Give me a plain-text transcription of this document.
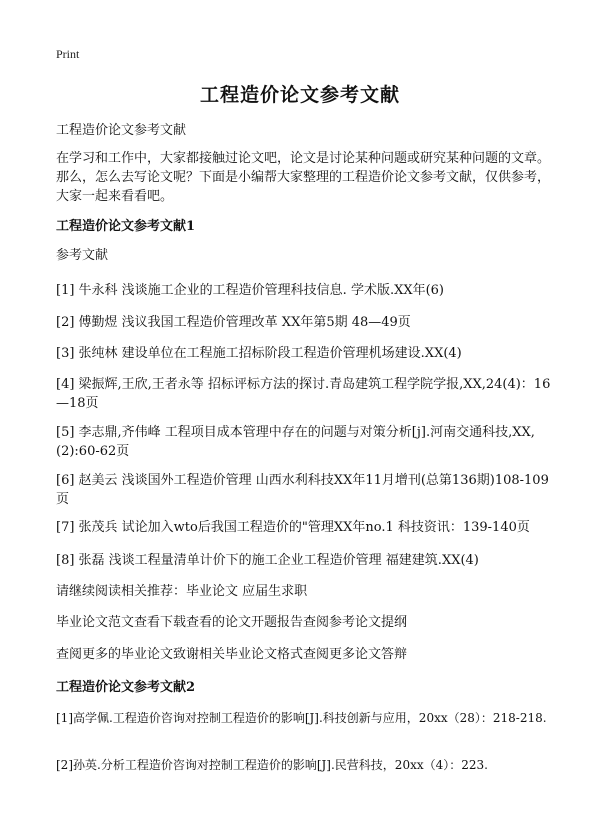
Print
工程造价论文参考文献
工程造价论文参考文献
在学习和工作中，大家都接触过论文吧，论文是讨论某种问题或研究某种问题的文章。那么，怎么去写论文呢？下面是小编帮大家整理的工程造价论文参考文献，仅供参考，大家一起来看看吧。
工程造价论文参考文献1
参考文献
[1] 牛永科 浅谈施工企业的工程造价管理科技信息. 学术版.XX年(6)
[2] 傅勤煜 浅议我国工程造价管理改革 XX年第5期 48—49页
[3] 张纯林 建设单位在工程施工招标阶段工程造价管理机场建设.XX(4)
[4] 梁振辉,王欣,王者永等 招标评标方法的探讨.青岛建筑工程学院学报,XX,24(4)：16—18页
[5] 李志鼎,齐伟峰 工程项目成本管理中存在的问题与对策分析[j].河南交通科技,XX,(2):60-62页
[6] 赵美云 浅谈国外工程造价管理 山西水利科技XX年11月增刊(总第136期)108-109页
[7] 张茂兵 试论加入wto后我国工程造价的"管理XX年no.1 科技资讯：139-140页
[8] 张磊 浅谈工程量清单计价下的施工企业工程造价管理 福建建筑.XX(4)
请继续阅读相关推荐：毕业论文 应届生求职
毕业论文范文查看下载查看的论文开题报告查阅参考论文提纲
查阅更多的毕业论文致谢相关毕业论文格式查阅更多论文答辩
工程造价论文参考文献2
[1]高学佩.工程造价咨询对控制工程造价的影响[J].科技创新与应用，20xx（28）：218-218.
[2]孙英.分析工程造价咨询对控制工程造价的影响[J].民营科技，20xx（4）：223.
